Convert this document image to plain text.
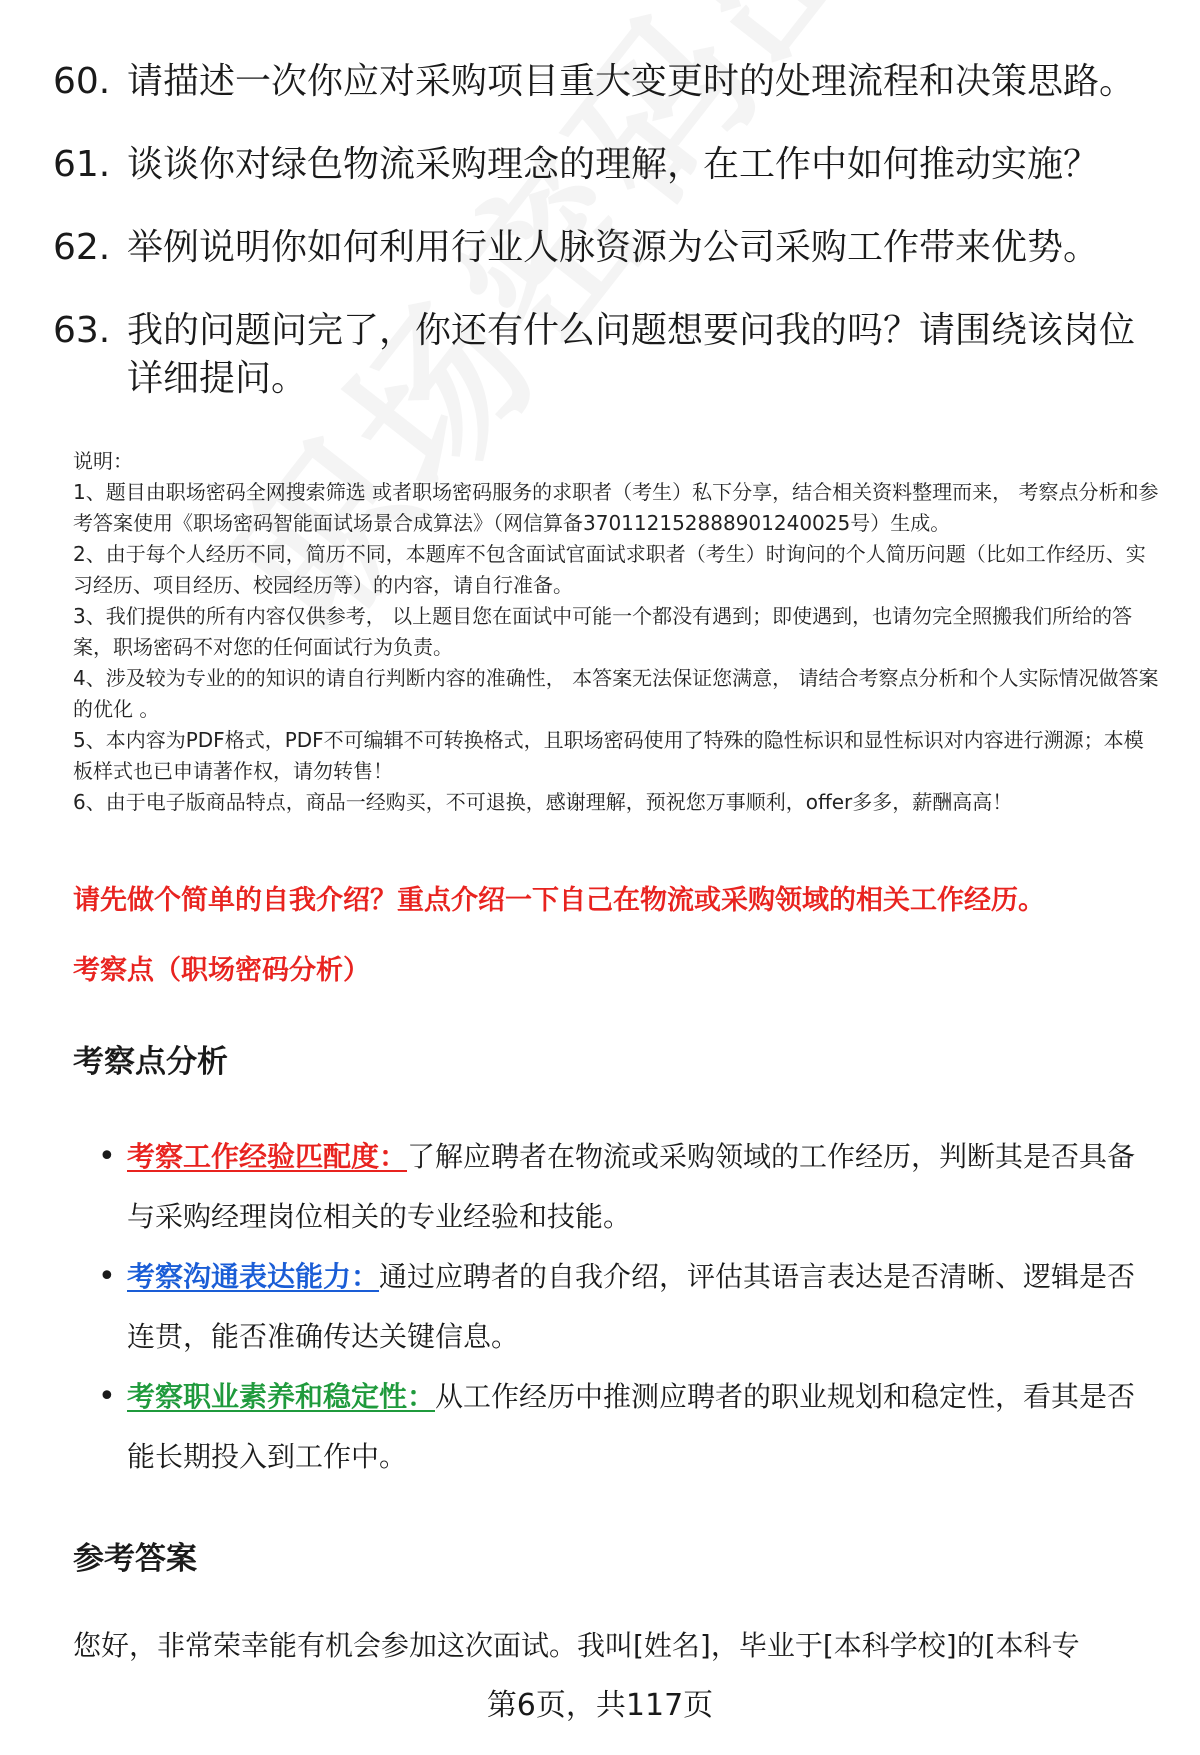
60. 请描述一次你应对采购项目重大变更时的处理流程和决策思路。
61. 谈谈你对绿色物流采购理念的理解，在工作中如何推动实施？
62. 举例说明你如何利用行业人脉资源为公司采购工作带来优势。
63. 我的问题问完了，你还有什么问题想要问我的吗？请围绕该岗位详细提问。

说明：

1、题目由职场密码全网搜索筛选 或者职场密码服务的求职者（考生）私下分享，结合相关资料整理而来， 考察点分析和参考答案使用《职场密码智能面试场景合成算法》（网信算备370112152888901240025号）生成。

2、由于每个人经历不同，简历不同，本题库不包含面试官面试求职者（考生）时询问的个人简历问题（比如工作经历、实习经历、项目经历、校园经历等）的内容，请自行准备。

3、我们提供的所有内容仅供参考， 以上题目您在面试中可能一个都没有遇到；即使遇到，也请勿完全照搬我们所给的答案，职场密码不对您的任何面试行为负责。

4、涉及较为专业的的知识的请自行判断内容的准确性， 本答案无法保证您满意， 请结合考察点分析和个人实际情况做答案的优化 。

5、本内容为PDF格式，PDF不可编辑不可转换格式，且职场密码使用了特殊的隐性标识和显性标识对内容进行溯源；本模板样式也已申请著作权，请勿转售！

6、由于电子版商品特点，商品一经购买，不可退换，感谢理解，预祝您万事顺利，offer多多，薪酬高高！

请先做个简单的自我介绍？重点介绍一下自己在物流或采购领域的相关工作经历。
考察点（职场密码分析）
考察点分析
• 考察工作经验匹配度：了解应聘者在物流或采购领域的工作经历，判断其是否具备与采购经理岗位相关的专业经验和技能。
• 考察沟通表达能力：通过应聘者的自我介绍，评估其语言表达是否清晰、逻辑是否连贯，能否准确传达关键信息。
• 考察职业素养和稳定性：从工作经历中推测应聘者的职业规划和稳定性，看其是否能长期投入到工作中。
参考答案
您好，非常荣幸能有机会参加这次面试。我叫[姓名]，毕业于[本科学校]的[本科专
第6页，共117页
